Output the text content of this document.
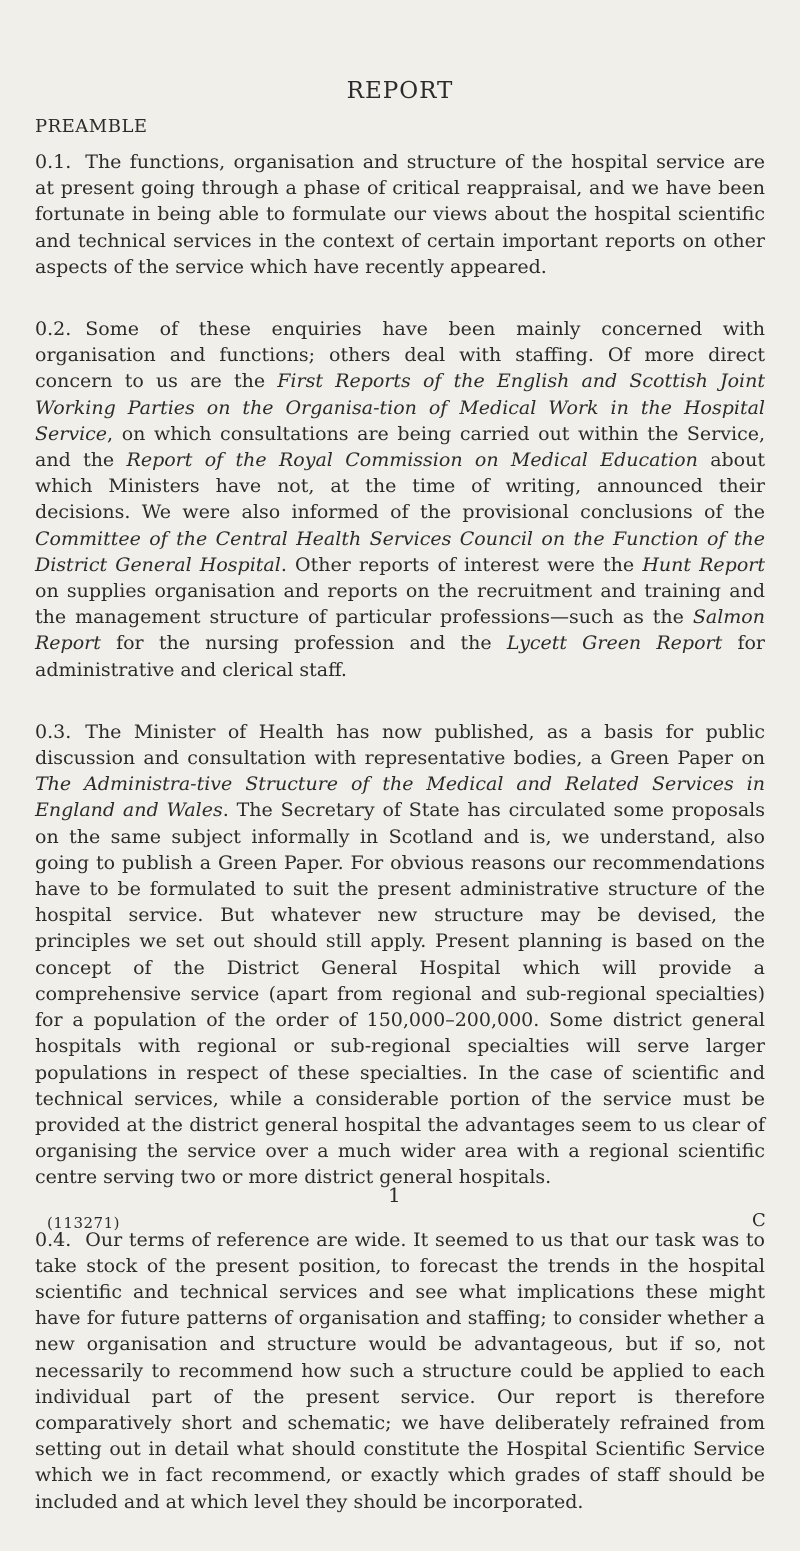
REPORT
PREAMBLE

0.1. The functions, organisation and structure of the hospital service are at present going through a phase of critical reappraisal, and we have been fortunate in being able to formulate our views about the hospital scientific and technical services in the context of certain important reports on other aspects of the service which have recently appeared.

0.2. Some of these enquiries have been mainly concerned with organisation and functions; others deal with staffing. Of more direct concern to us are the First Reports of the English and Scottish Joint Working Parties on the Organisa-tion of Medical Work in the Hospital Service, on which consultations are being carried out within the Service, and the Report of the Royal Commission on Medical Education about which Ministers have not, at the time of writing, announced their decisions. We were also informed of the provisional conclusions of the Committee of the Central Health Services Council on the Function of the District General Hospital. Other reports of interest were the Hunt Report on supplies organisation and reports on the recruitment and training and the management structure of particular professions—such as the Salmon Report for the nursing profession and the Lycett Green Report for administrative and clerical staff.

0.3. The Minister of Health has now published, as a basis for public discussion and consultation with representative bodies, a Green Paper on The Administra-tive Structure of the Medical and Related Services in England and Wales. The Secretary of State has circulated some proposals on the same subject informally in Scotland and is, we understand, also going to publish a Green Paper. For obvious reasons our recommendations have to be formulated to suit the present administrative structure of the hospital service. But whatever new structure may be devised, the principles we set out should still apply. Present planning is based on the concept of the District General Hospital which will provide a comprehensive service (apart from regional and sub-regional specialties) for a population of the order of 150,000–200,000. Some district general hospitals with regional or sub-regional specialties will serve larger populations in respect of these specialties. In the case of scientific and technical services, while a considerable portion of the service must be provided at the district general hospital the advantages seem to us clear of organising the service over a much wider area with a regional scientific centre serving two or more district general hospitals.

0.4. Our terms of reference are wide. It seemed to us that our task was to take stock of the present position, to forecast the trends in the hospital scientific and technical services and see what implications these might have for future patterns of organisation and staffing; to consider whether a new organisation and structure would be advantageous, but if so, not necessarily to recommend how such a structure could be applied to each individual part of the present service. Our report is therefore comparatively short and schematic; we have deliberately refrained from setting out in detail what should constitute the Hospital Scientific Service which we in fact recommend, or exactly which grades of staff should be included and at which level they should be incorporated.

1
(113271)	C
